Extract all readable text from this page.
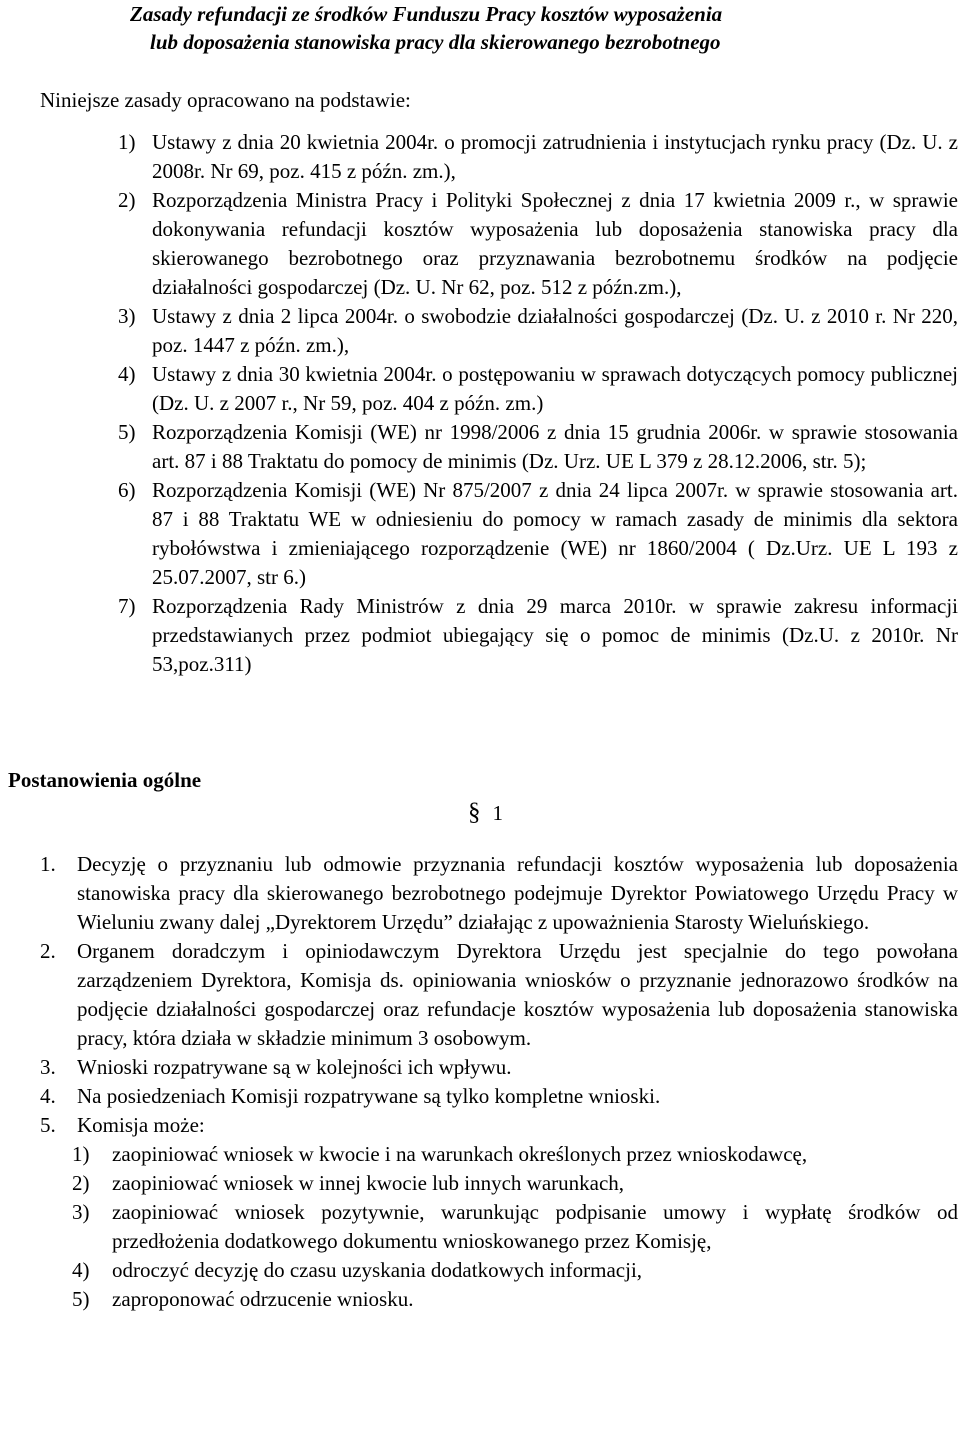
Zasady refundacji ze środków Funduszu Pracy kosztów wyposażenia
lub doposażenia stanowiska pracy dla skierowanego bezrobotnego
Niniejsze zasady opracowano na podstawie:
1) Ustawy z dnia 20 kwietnia 2004r. o promocji zatrudnienia i instytucjach rynku pracy (Dz. U. z 2008r. Nr 69, poz. 415 z późn. zm.),
2) Rozporządzenia Ministra Pracy i Polityki Społecznej z dnia 17 kwietnia 2009 r., w sprawie dokonywania refundacji kosztów wyposażenia lub doposażenia stanowiska pracy dla skierowanego bezrobotnego oraz przyznawania bezrobotnemu środków na podjęcie działalności gospodarczej (Dz. U. Nr 62, poz. 512 z późn.zm.),
3) Ustawy z dnia 2 lipca 2004r. o swobodzie działalności gospodarczej (Dz. U. z 2010 r. Nr 220, poz. 1447 z późn. zm.),
4) Ustawy z dnia 30 kwietnia 2004r. o postępowaniu w sprawach dotyczących pomocy publicznej (Dz. U. z 2007 r., Nr 59, poz. 404 z późn. zm.)
5) Rozporządzenia Komisji (WE) nr 1998/2006 z dnia 15 grudnia 2006r. w sprawie stosowania art. 87 i 88 Traktatu do pomocy de minimis (Dz. Urz. UE L 379 z 28.12.2006, str. 5);
6) Rozporządzenia Komisji (WE) Nr 875/2007 z dnia 24 lipca 2007r. w sprawie stosowania art. 87 i 88 Traktatu WE w odniesieniu do pomocy w ramach zasady de minimis dla sektora rybołówstwa i zmieniającego rozporządzenie (WE) nr 1860/2004 ( Dz.Urz. UE L 193 z 25.07.2007, str 6.)
7) Rozporządzenia Rady Ministrów z dnia 29 marca 2010r. w sprawie zakresu informacji przedstawianych przez podmiot ubiegający się o pomoc de minimis (Dz.U. z 2010r. Nr 53,poz.311)
Postanowienia ogólne
§ 1
1. Decyzję o przyznaniu lub odmowie przyznania refundacji kosztów wyposażenia lub doposażenia stanowiska pracy dla skierowanego bezrobotnego podejmuje Dyrektor Powiatowego Urzędu Pracy w Wieluniu zwany dalej „Dyrektorem Urzędu” działając z upoważnienia Starosty Wieluńskiego.
2. Organem doradczym i opiniodawczym Dyrektora Urzędu jest specjalnie do tego powołana zarządzeniem Dyrektora, Komisja ds. opiniowania wniosków o przyznanie jednorazowo środków na podjęcie działalności gospodarczej oraz refundacje kosztów wyposażenia lub doposażenia stanowiska pracy, która działa w składzie minimum 3 osobowym.
3. Wnioski rozpatrywane są w kolejności ich wpływu.
4. Na posiedzeniach Komisji rozpatrywane są tylko kompletne wnioski.
5. Komisja może:
1) zaopiniować wniosek w kwocie i na warunkach określonych przez wnioskodawcę,
2) zaopiniować wniosek w innej kwocie lub innych warunkach,
3) zaopiniować wniosek pozytywnie, warunkując podpisanie umowy i wypłatę środków od przedłożenia dodatkowego dokumentu wnioskowanego przez Komisję,
4) odroczyć decyzję do czasu uzyskania dodatkowych informacji,
5) zaproponować odrzucenie wniosku.
